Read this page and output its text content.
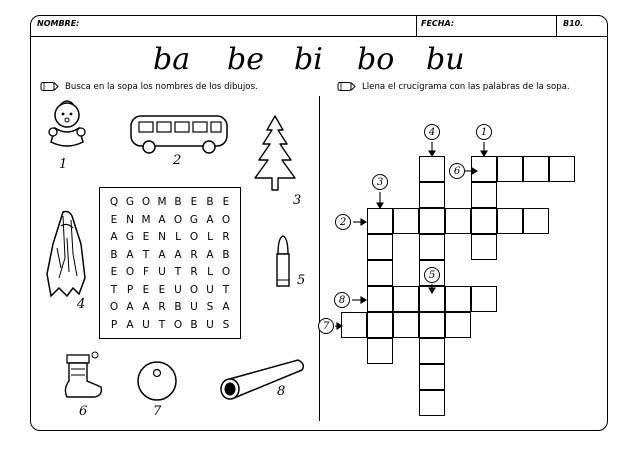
NOMBRE:	FECHA:	B10.
ba be bi bo bu
Busca en la sopa los nombres de los dibujos.	Llena el crucigrama con las palabras de la sopa.
1	2
3
4
5
6	7
8
Q G O M B E B E
E N M A O G A O
A G E N L O L R
B A T A A R A B
E O F U T R L O
T P E E U O U T
O A A R B U S A
P A U T O B U S
4	1
6
3
2
5
8
7
